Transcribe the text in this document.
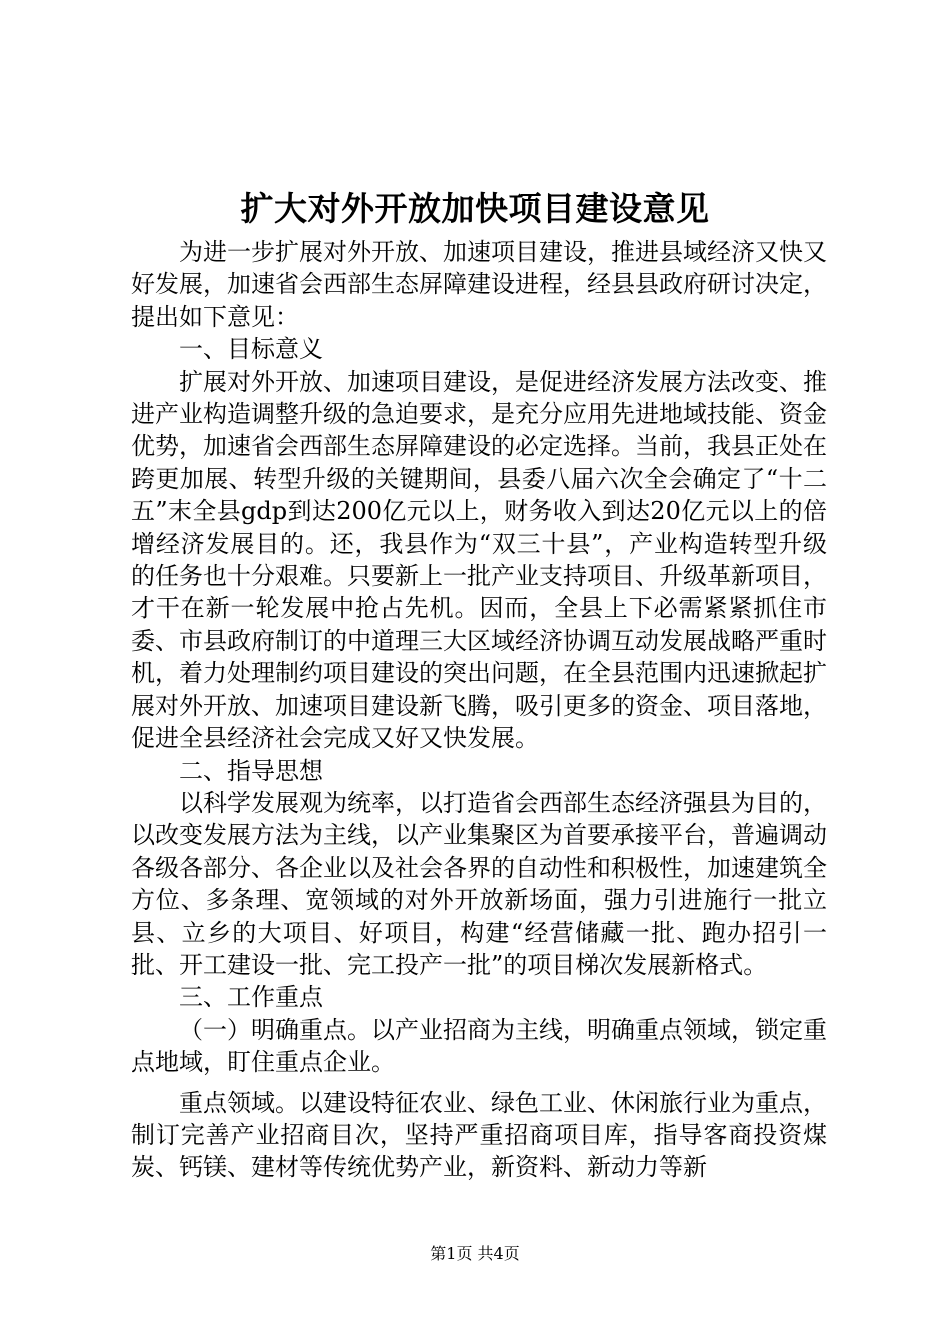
扩大对外开放加快项目建设意见

为进一步扩展对外开放、加速项目建设，推进县域经济又快又好发展，加速省会西部生态屏障建设进程，经县县政府研讨决定，提出如下意见：

一、目标意义

扩展对外开放、加速项目建设，是促进经济发展方法改变、推进产业构造调整升级的急迫要求，是充分应用先进地域技能、资金优势，加速省会西部生态屏障建设的必定选择。当前，我县正处在跨更加展、转型升级的关键期间，县委八届六次全会确定了“十二五”末全县gdp到达200亿元以上，财务收入到达20亿元以上的倍增经济发展目的。还，我县作为“双三十县”，产业构造转型升级的任务也十分艰难。只要新上一批产业支持项目、升级革新项目，才干在新一轮发展中抢占先机。因而，全县上下必需紧紧抓住市委、市县政府制订的中道理三大区域经济协调互动发展战略严重时机，着力处理制约项目建设的突出问题，在全县范围内迅速掀起扩展对外开放、加速项目建设新飞腾，吸引更多的资金、项目落地，促进全县经济社会完成又好又快发展。

二、指导思想

以科学发展观为统率，以打造省会西部生态经济强县为目的，以改变发展方法为主线，以产业集聚区为首要承接平台，普遍调动各级各部分、各企业以及社会各界的自动性和积极性，加速建筑全方位、多条理、宽领域的对外开放新场面，强力引进施行一批立县、立乡的大项目、好项目，构建“经营储藏一批、跑办招引一批、开工建设一批、完工投产一批”的项目梯次发展新格式。

三、工作重点

（一）明确重点。以产业招商为主线，明确重点领域，锁定重点地域，盯住重点企业。

重点领域。以建设特征农业、绿色工业、休闲旅行业为重点，制订完善产业招商目次，坚持严重招商项目库，指导客商投资煤炭、钙镁、建材等传统优势产业，新资料、新动力等新

第1页 共4页
